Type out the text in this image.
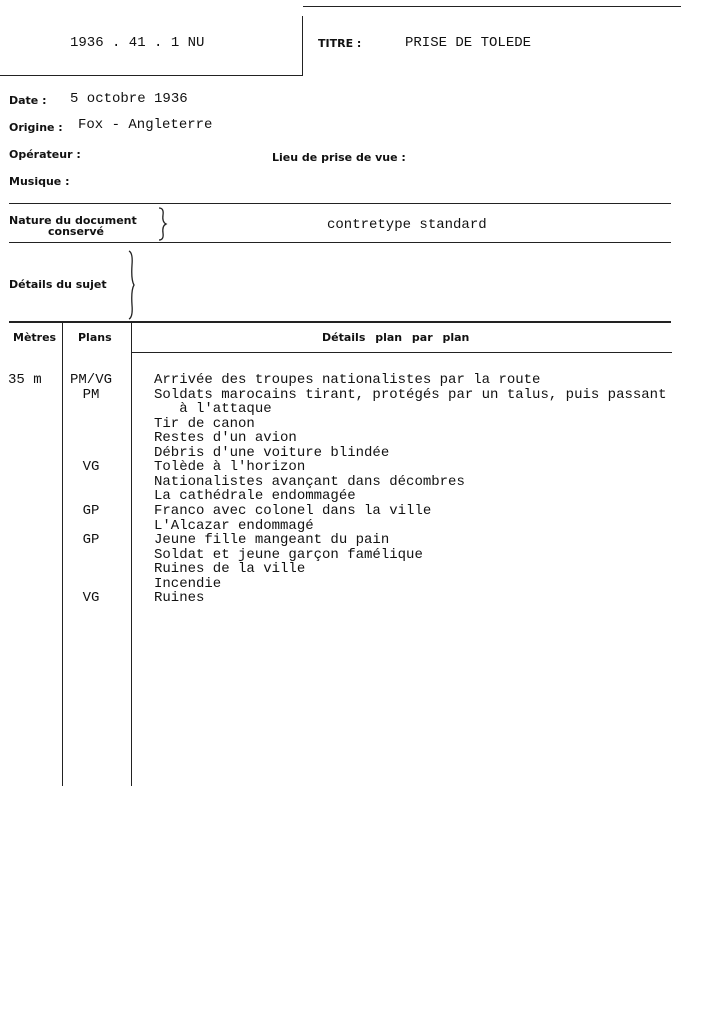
1936 . 41 . 1 NU	TITRE :	PRISE DE TOLEDE
Date : 5 octobre 1936
Origine : Fox - Angleterre
Opérateur :	Lieu de prise de vue :
Musique :
Nature du document
conservé	contretype standard
Détails du sujet
Mètres Plans	Détails plan par plan
35 m PM/VG	Arrivée des troupes nationalistes par la route
PM	Soldats marocains tirant, protégés par un talus, puis passant
à l'attaque
Tir de canon
Restes d'un avion
Débris d'une voiture blindée
VG	Tolède à l'horizon
Nationalistes avançant dans décombres
La cathédrale endommagée
GP	Franco avec colonel dans la ville
L'Alcazar endommagé
GP	Jeune fille mangeant du pain
Soldat et jeune garçon famélique
Ruines de la ville
Incendie
VG	Ruines
